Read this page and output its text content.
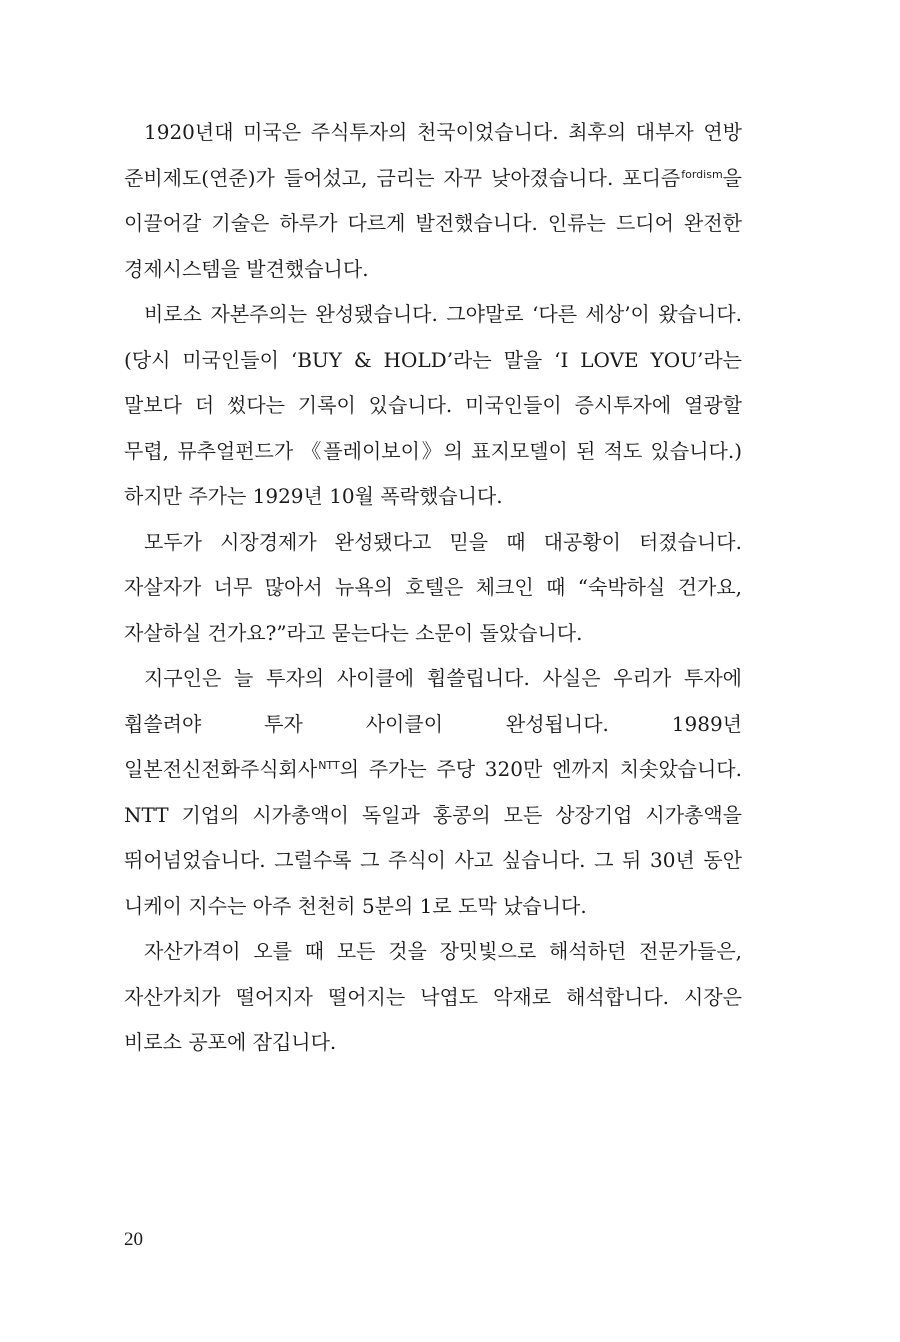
1920년대 미국은 주식투자의 천국이었습니다. 최후의 대부자 연방 준비제도(연준)가 들어섰고, 금리는 자꾸 낮아졌습니다. 포디즘$^{fordism}$을 이끌어갈 기술은 하루가 다르게 발전했습니다. 인류는 드디어 완전한 경제시스템을 발견했습니다.

비로소 자본주의는 완성됐습니다. 그야말로 ‘다른 세상’이 왔습니다. (당시 미국인들이 ‘BUY & HOLD’라는 말을 ‘I LOVE YOU’라는 말보다 더 썼다는 기록이 있습니다. 미국인들이 증시투자에 열광할 무렵, 뮤추얼펀드가 《플레이보이》의 표지모델이 된 적도 있습니다.) 하지만 주가는 1929년 10월 폭락했습니다.

모두가 시장경제가 완성됐다고 믿을 때 대공황이 터졌습니다. 자살자가 너무 많아서 뉴욕의 호텔은 체크인 때 “숙박하실 건가요, 자살하실 건가요?”라고 묻는다는 소문이 돌았습니다.

지구인은 늘 투자의 사이클에 휩쓸립니다. 사실은 우리가 투자에 휩쓸려야 투자 사이클이 완성됩니다. 1989년 일본전신전화주식회사$^{NTT}$의 주가는 주당 320만 엔까지 치솟았습니다. NTT 기업의 시가총액이 독일과 홍콩의 모든 상장기업 시가총액을 뛰어넘었습니다. 그럴수록 그 주식이 사고 싶습니다. 그 뒤 30년 동안 니케이 지수는 아주 천천히 5분의 1로 도막 났습니다.

자산가격이 오를 때 모든 것을 장밋빛으로 해석하던 전문가들은, 자산가치가 떨어지자 떨어지는 낙엽도 악재로 해석합니다. 시장은 비로소 공포에 잠깁니다.

20
